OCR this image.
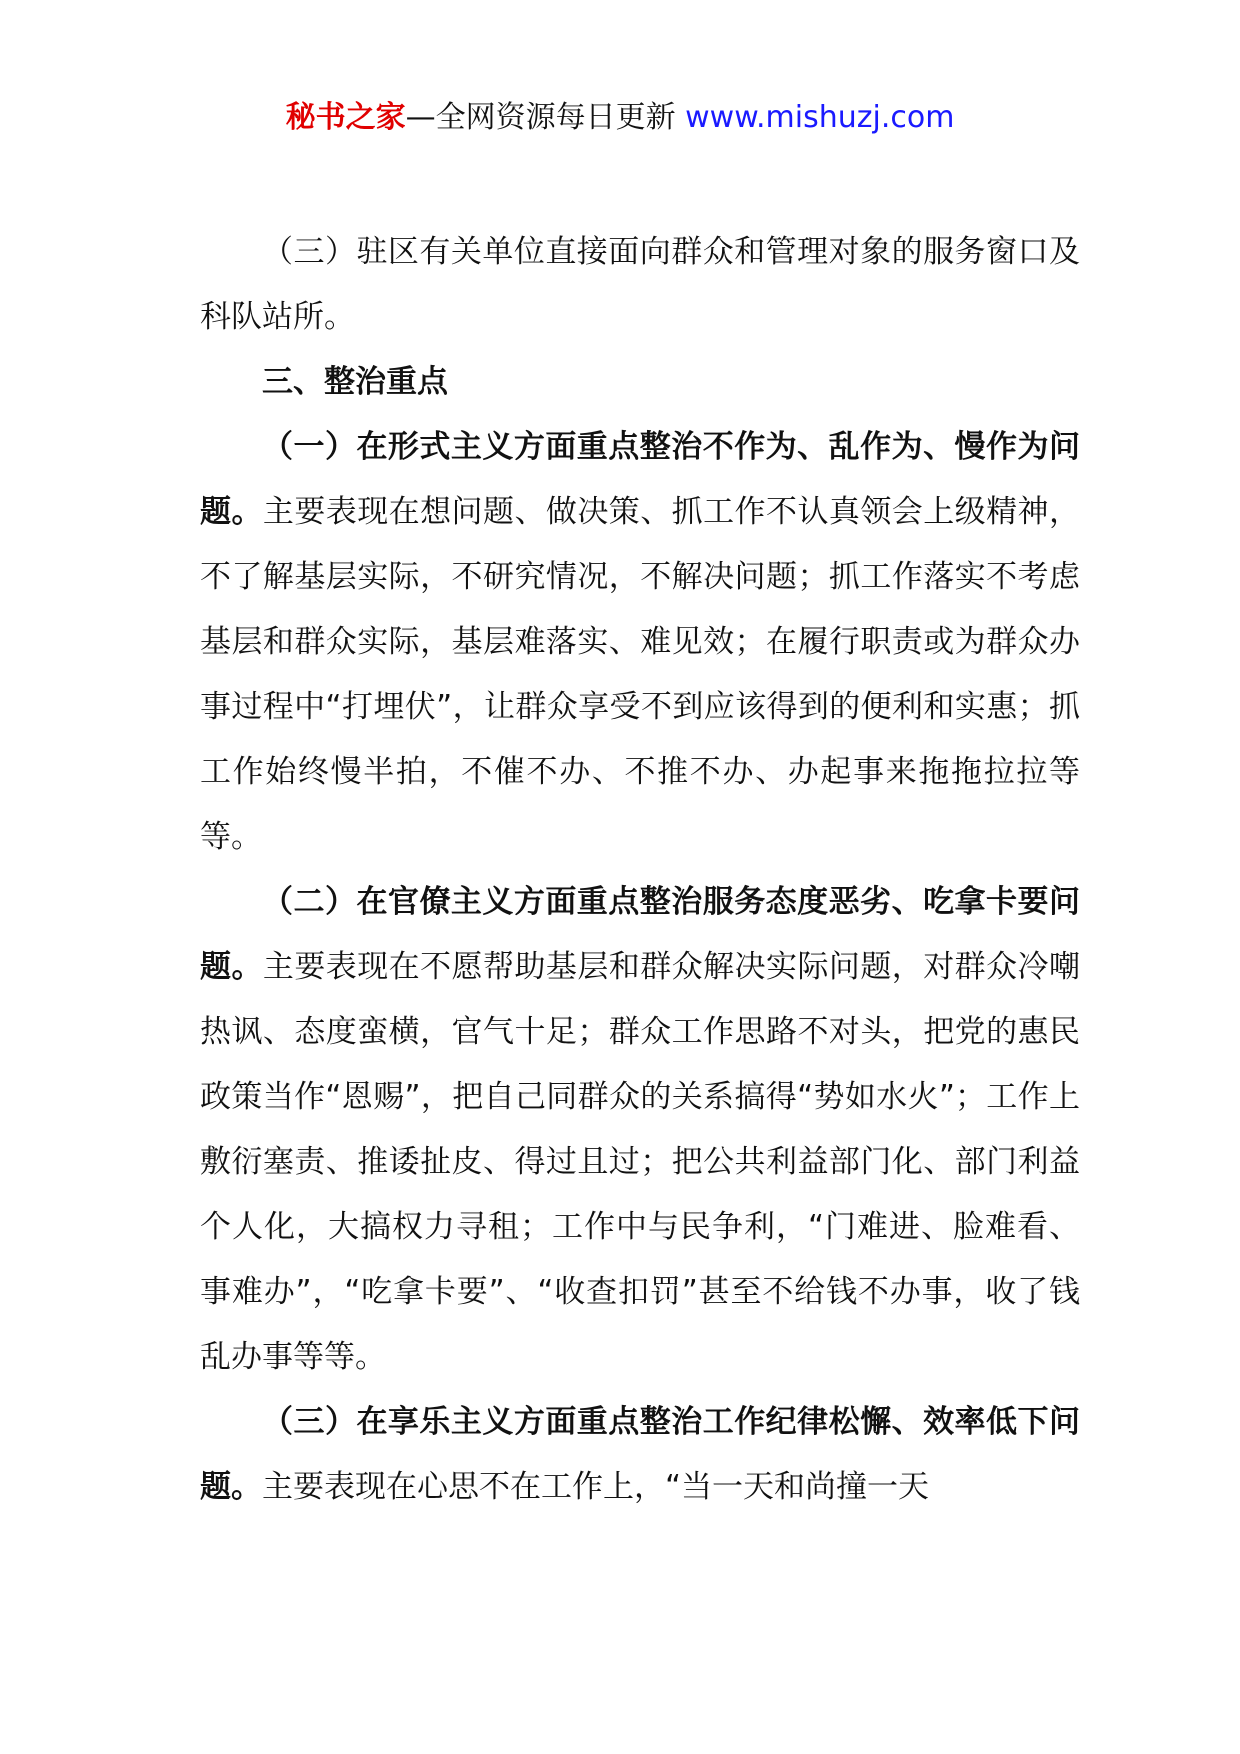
秘书之家—全网资源每日更新 www.mishuzj.com

（三）驻区有关单位直接面向群众和管理对象的服务窗口及科队站所。

三、整治重点

（一）在形式主义方面重点整治不作为、乱作为、慢作为问题。主要表现在想问题、做决策、抓工作不认真领会上级精神，不了解基层实际，不研究情况，不解决问题；抓工作落实不考虑基层和群众实际，基层难落实、难见效；在履行职责或为群众办事过程中“打埋伏”，让群众享受不到应该得到的便利和实惠；抓工作始终慢半拍，不催不办、不推不办、办起事来拖拖拉拉等等。

（二）在官僚主义方面重点整治服务态度恶劣、吃拿卡要问题。主要表现在不愿帮助基层和群众解决实际问题，对群众冷嘲热讽、态度蛮横，官气十足；群众工作思路不对头，把党的惠民政策当作“恩赐”，把自己同群众的关系搞得“势如水火”；工作上敷衍塞责、推诿扯皮、得过且过；把公共利益部门化、部门利益个人化，大搞权力寻租；工作中与民争利，“门难进、脸难看、事难办”，“吃拿卡要”、“收查扣罚”甚至不给钱不办事，收了钱乱办事等等。

（三）在享乐主义方面重点整治工作纪律松懈、效率低下问题。主要表现在心思不在工作上，“当一天和尚撞一天
